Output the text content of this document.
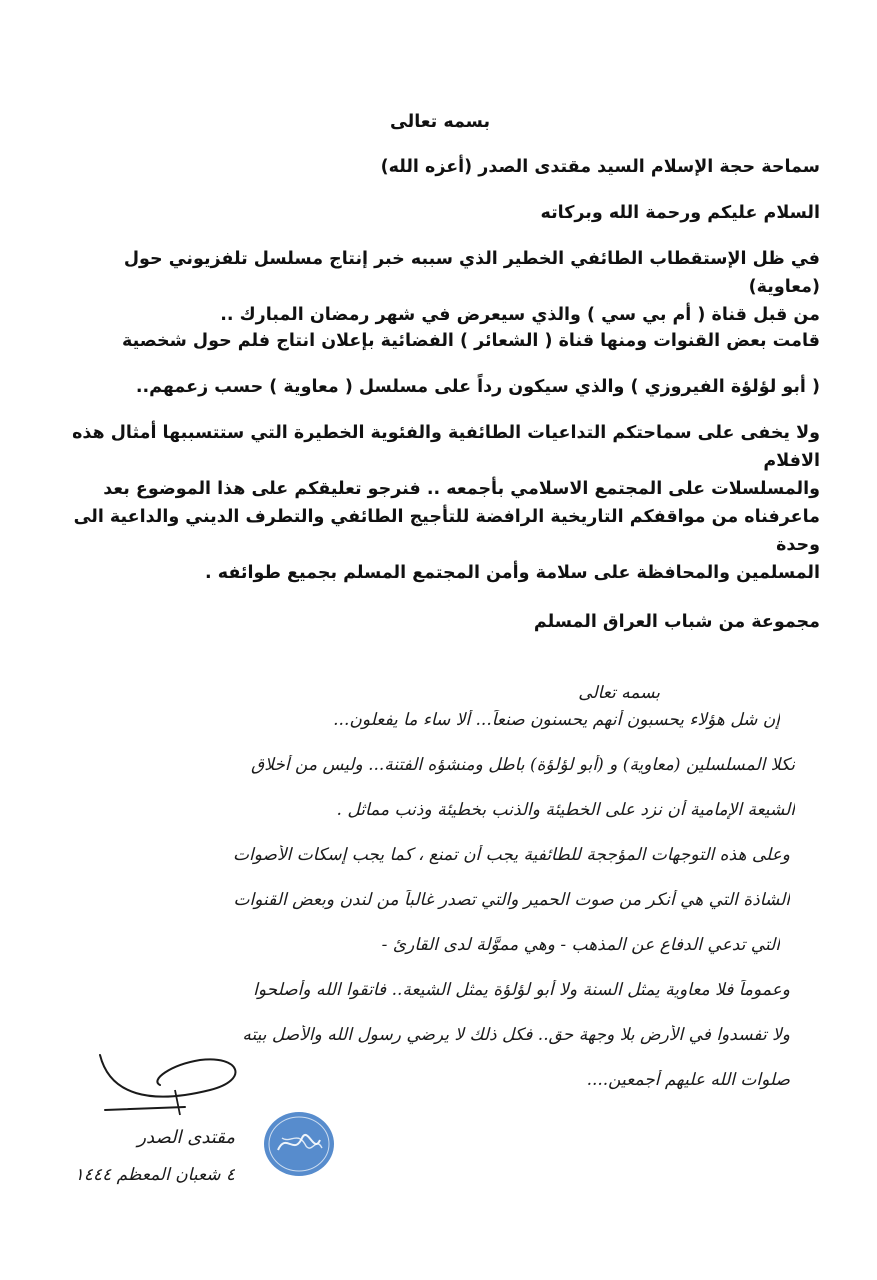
بسمه تعالى
سماحة حجة الإسلام السيد مقتدى الصدر (أعزه الله)
السلام عليكم ورحمة الله وبركاته

في ظل الإستقطاب الطائفي الخطير الذي سببه خبر إنتاج مسلسل تلفزيوني حول (معاوية)

من قبل قناة ( أم بي سي ) والذي سيعرض في شهر رمضان المبارك ..

قامت بعض القنوات ومنها قناة ( الشعائر ) الفضائية بإعلان انتاج فلم حول شخصية
( أبو لؤلؤة الفيروزي ) والذي سيكون رداً على مسلسل ( معاوية ) حسب زعمهم..

ولا يخفى على سماحتكم التداعيات الطائفية والفئوية الخطيرة التي ستتسببها أمثال هذه الافلام

والمسلسلات على المجتمع الاسلامي بأجمعه .. فنرجو تعليقكم على هذا الموضوع بعد

ماعرفناه من مواقفكم التاريخية الرافضة للتأجيج الطائفي والتطرف الديني والداعية الى وحدة

المسلمين والمحافظة على سلامة وأمن المجتمع المسلم بجميع طوائفه .

مجموعة من شباب العراق المسلم
بسمه تعالى
إن شل هؤلاء يحسبون أنهم يحسنون صنعاً... ألا ساء ما يفعلون...
نكلا المسلسلين (معاوية) و (أبو لؤلؤة) باطل ومنشؤه الفتنة... وليس من أخلاق
الشيعة الإمامية أن نزد على الخطيئة والذنب بخطيئة وذنب مماثل .
وعلى هذه التوجهات المؤججة للطائفية يجب أن تمنع ، كما يجب إسكات الأصوات
الشاذة التي هي أنكر من صوت الحمير والتي تصدر غالباً من لندن وبعض القنوات
التي تدعي الدفاع عن المذهب - وهي مموَّلة لدى القارئ -
وعموماً فلا معاوية يمثل السنة ولا أبو لؤلؤة يمثل الشيعة.. فاتقوا الله وأصلحوا
ولا تفسدوا في الأرض بلا وجهة حق.. فكل ذلك لا يرضي رسول الله والأصل بيته
صلوات الله عليهم أجمعين....
مقتدى الصدر
٤ شعبان المعظم ١٤٤٤
